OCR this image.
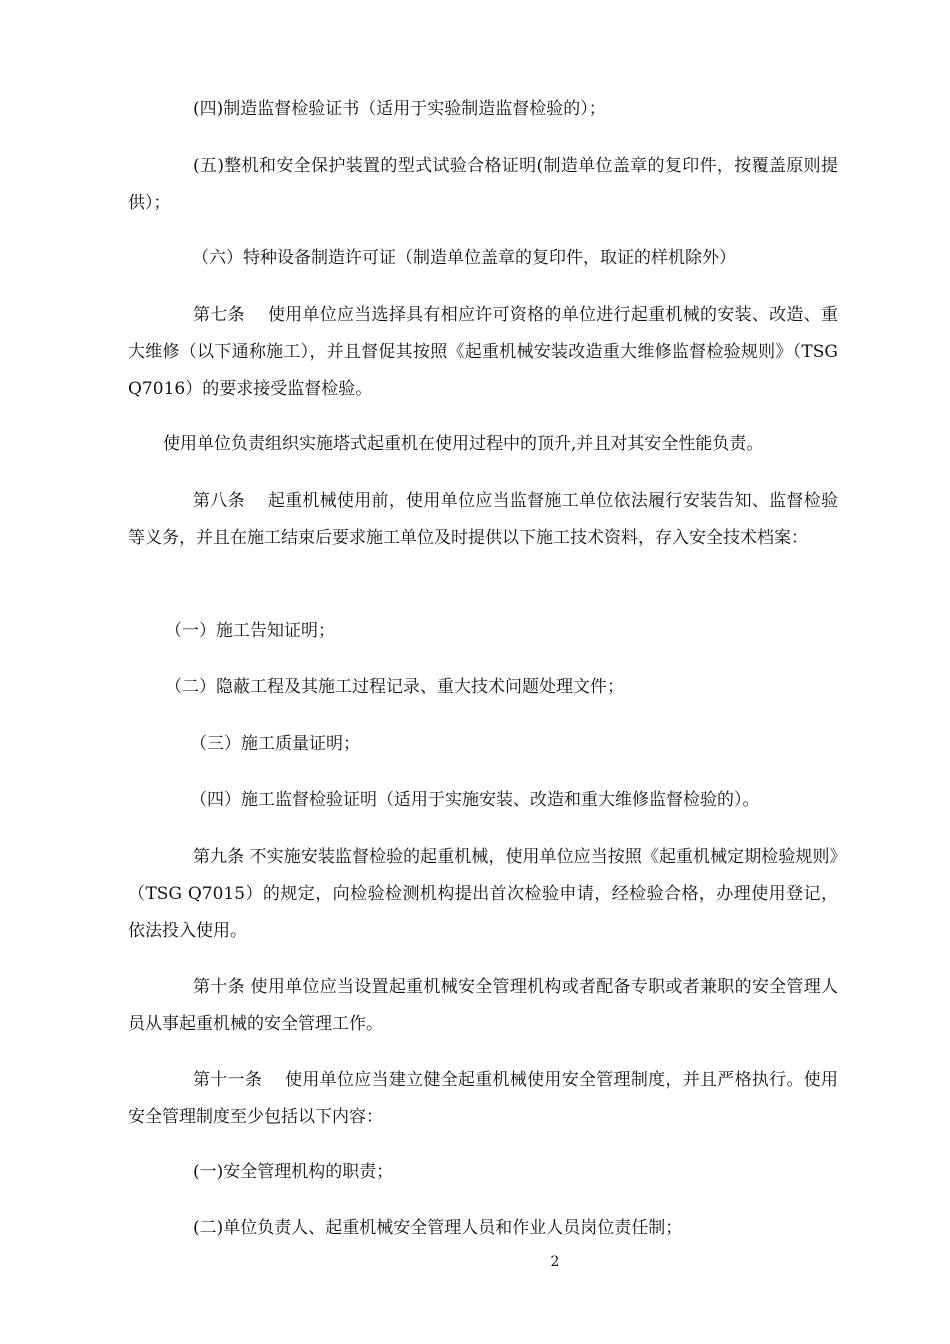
(四)制造监督检验证书（适用于实验制造监督检验的）；

(五)整机和安全保护装置的型式试验合格证明(制造单位盖章的复印件，按覆盖原则提供）；

（六）特种设备制造许可证（制造单位盖章的复印件，取证的样机除外）

第七条　 使用单位应当选择具有相应许可资格的单位进行起重机械的安装、改造、重大维修（以下通称施工），并且督促其按照《起重机械安装改造重大维修监督检验规则》（TSG Q7016）的要求接受监督检验。

使用单位负责组织实施塔式起重机在使用过程中的顶升,并且对其安全性能负责。

第八条　 起重机械使用前，使用单位应当监督施工单位依法履行安装告知、监督检验等义务，并且在施工结束后要求施工单位及时提供以下施工技术资料，存入安全技术档案：

（一）施工告知证明；

（二）隐蔽工程及其施工过程记录、重大技术问题处理文件；

（三）施工质量证明；

（四）施工监督检验证明（适用于实施安装、改造和重大维修监督检验的）。

第九条 不实施安装监督检验的起重机械，使用单位应当按照《起重机械定期检验规则》（TSG Q7015）的规定，向检验检测机构提出首次检验申请，经检验合格，办理使用登记，依法投入使用。

第十条 使用单位应当设置起重机械安全管理机构或者配备专职或者兼职的安全管理人员从事起重机械的安全管理工作。

第十一条　 使用单位应当建立健全起重机械使用安全管理制度，并且严格执行。使用安全管理制度至少包括以下内容：

(一)安全管理机构的职责；

(二)单位负责人、起重机械安全管理人员和作业人员岗位责任制；

2
